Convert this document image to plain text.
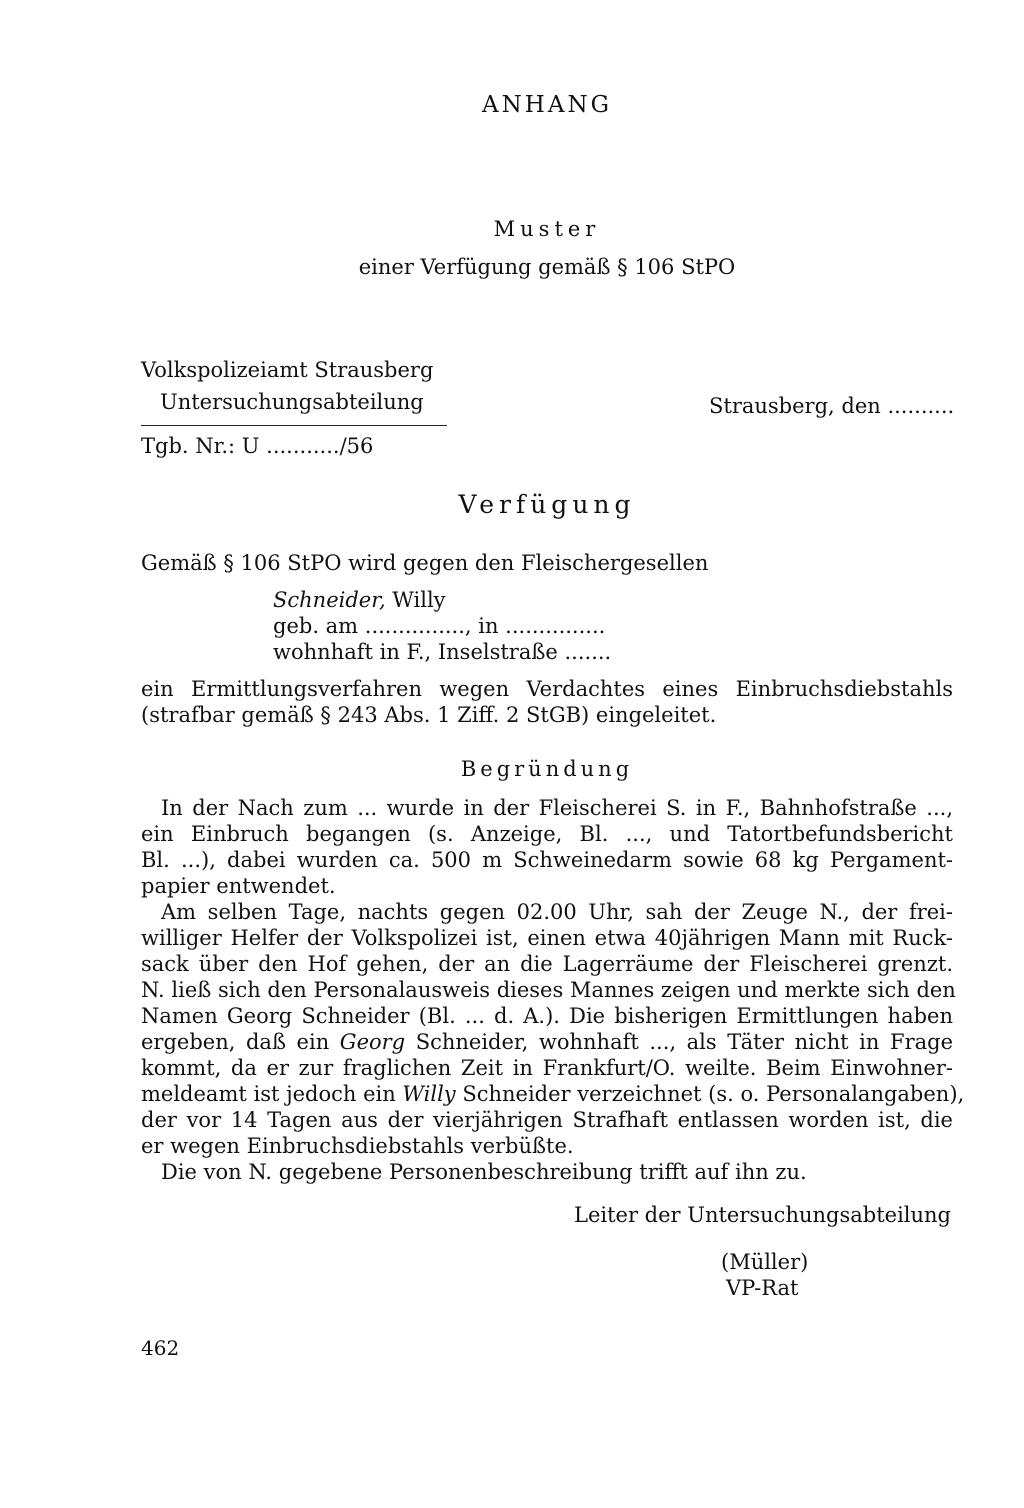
ANHANG
Muster
einer Verfügung gemäß § 106 StPO
Volkspolizeiamt Strausberg
Untersuchungsabteilung	Strausberg, den ..........
Tgb. Nr.: U .........../56
Verfügung
Gemäß § 106 StPO wird gegen den Fleischergesellen
Schneider, Willy
geb. am ..............., in ...............
wohnhaft in F., Inselstraße .......
ein Ermittlungsverfahren wegen Verdachtes eines Einbruchsdiebstahls
(strafbar gemäß § 243 Abs. 1 Ziff. 2 StGB) eingeleitet.
Begründung
In der Nach zum ... wurde in der Fleischerei S. in F., Bahnhofstraße ...,
ein Einbruch begangen (s. Anzeige, Bl. ..., und Tatortbefundsbericht
Bl. ...), dabei wurden ca. 500 m Schweinedarm sowie 68 kg Pergament-
papier entwendet.
Am selben Tage, nachts gegen 02.00 Uhr, sah der Zeuge N., der frei-
williger Helfer der Volkspolizei ist, einen etwa 40jährigen Mann mit Ruck-
sack über den Hof gehen, der an die Lagerräume der Fleischerei grenzt.
N. ließ sich den Personalausweis dieses Mannes zeigen und merkte sich den
Namen Georg Schneider (Bl. ... d. A.). Die bisherigen Ermittlungen haben
ergeben, daß ein Georg Schneider, wohnhaft ..., als Täter nicht in Frage
kommt, da er zur fraglichen Zeit in Frankfurt/O. weilte. Beim Einwohner-
meldeamt ist jedoch ein Willy Schneider verzeichnet (s. o. Personalangaben),
der vor 14 Tagen aus der vierjährigen Strafhaft entlassen worden ist, die
er wegen Einbruchsdiebstahls verbüßte.
Die von N. gegebene Personenbeschreibung trifft auf ihn zu.
Leiter der Untersuchungsabteilung
(Müller)
VP-Rat
462
